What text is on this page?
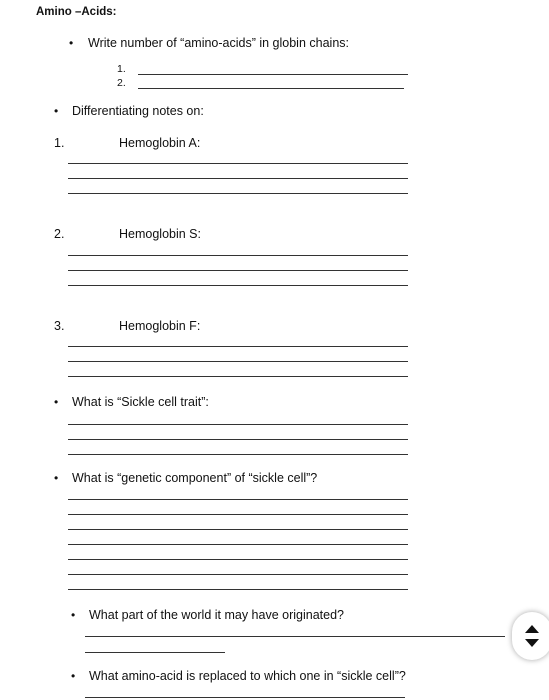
Amino –Acids:
• Write number of “amino-acids” in globin chains:
1.
2.
• Differentiating notes on:
1.	Hemoglobin A:
2.	Hemoglobin S:
3.	Hemoglobin F:
• What is “Sickle cell trait”:
• What is “genetic component” of “sickle cell”?
• What part of the world it may have originated?
• What amino-acid is replaced to which one in “sickle cell”?
